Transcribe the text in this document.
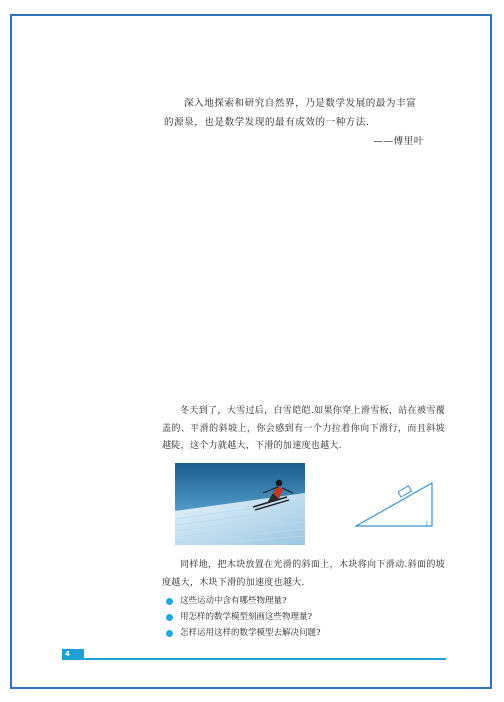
深入地探索和研究自然界，乃是数学发展的最为丰富

的源泉，也是数学发现的最有成效的一种方法.

——傅里叶

冬天到了，大雪过后，白雪皑皑.如果你穿上滑雪板，站在被雪覆盖的、平滑的斜坡上，你会感到有一个力拉着你向下滑行，而且斜坡越陡，这个力就越大，下滑的加速度也越大.

同样地，把木块放置在光滑的斜面上，木块将向下滑动.斜面的坡度越大，木块下滑的加速度也越大.

这些运动中含有哪些物理量?
用怎样的数学模型刻画这些物理量?
怎样运用这样的数学模型去解决问题?
4
